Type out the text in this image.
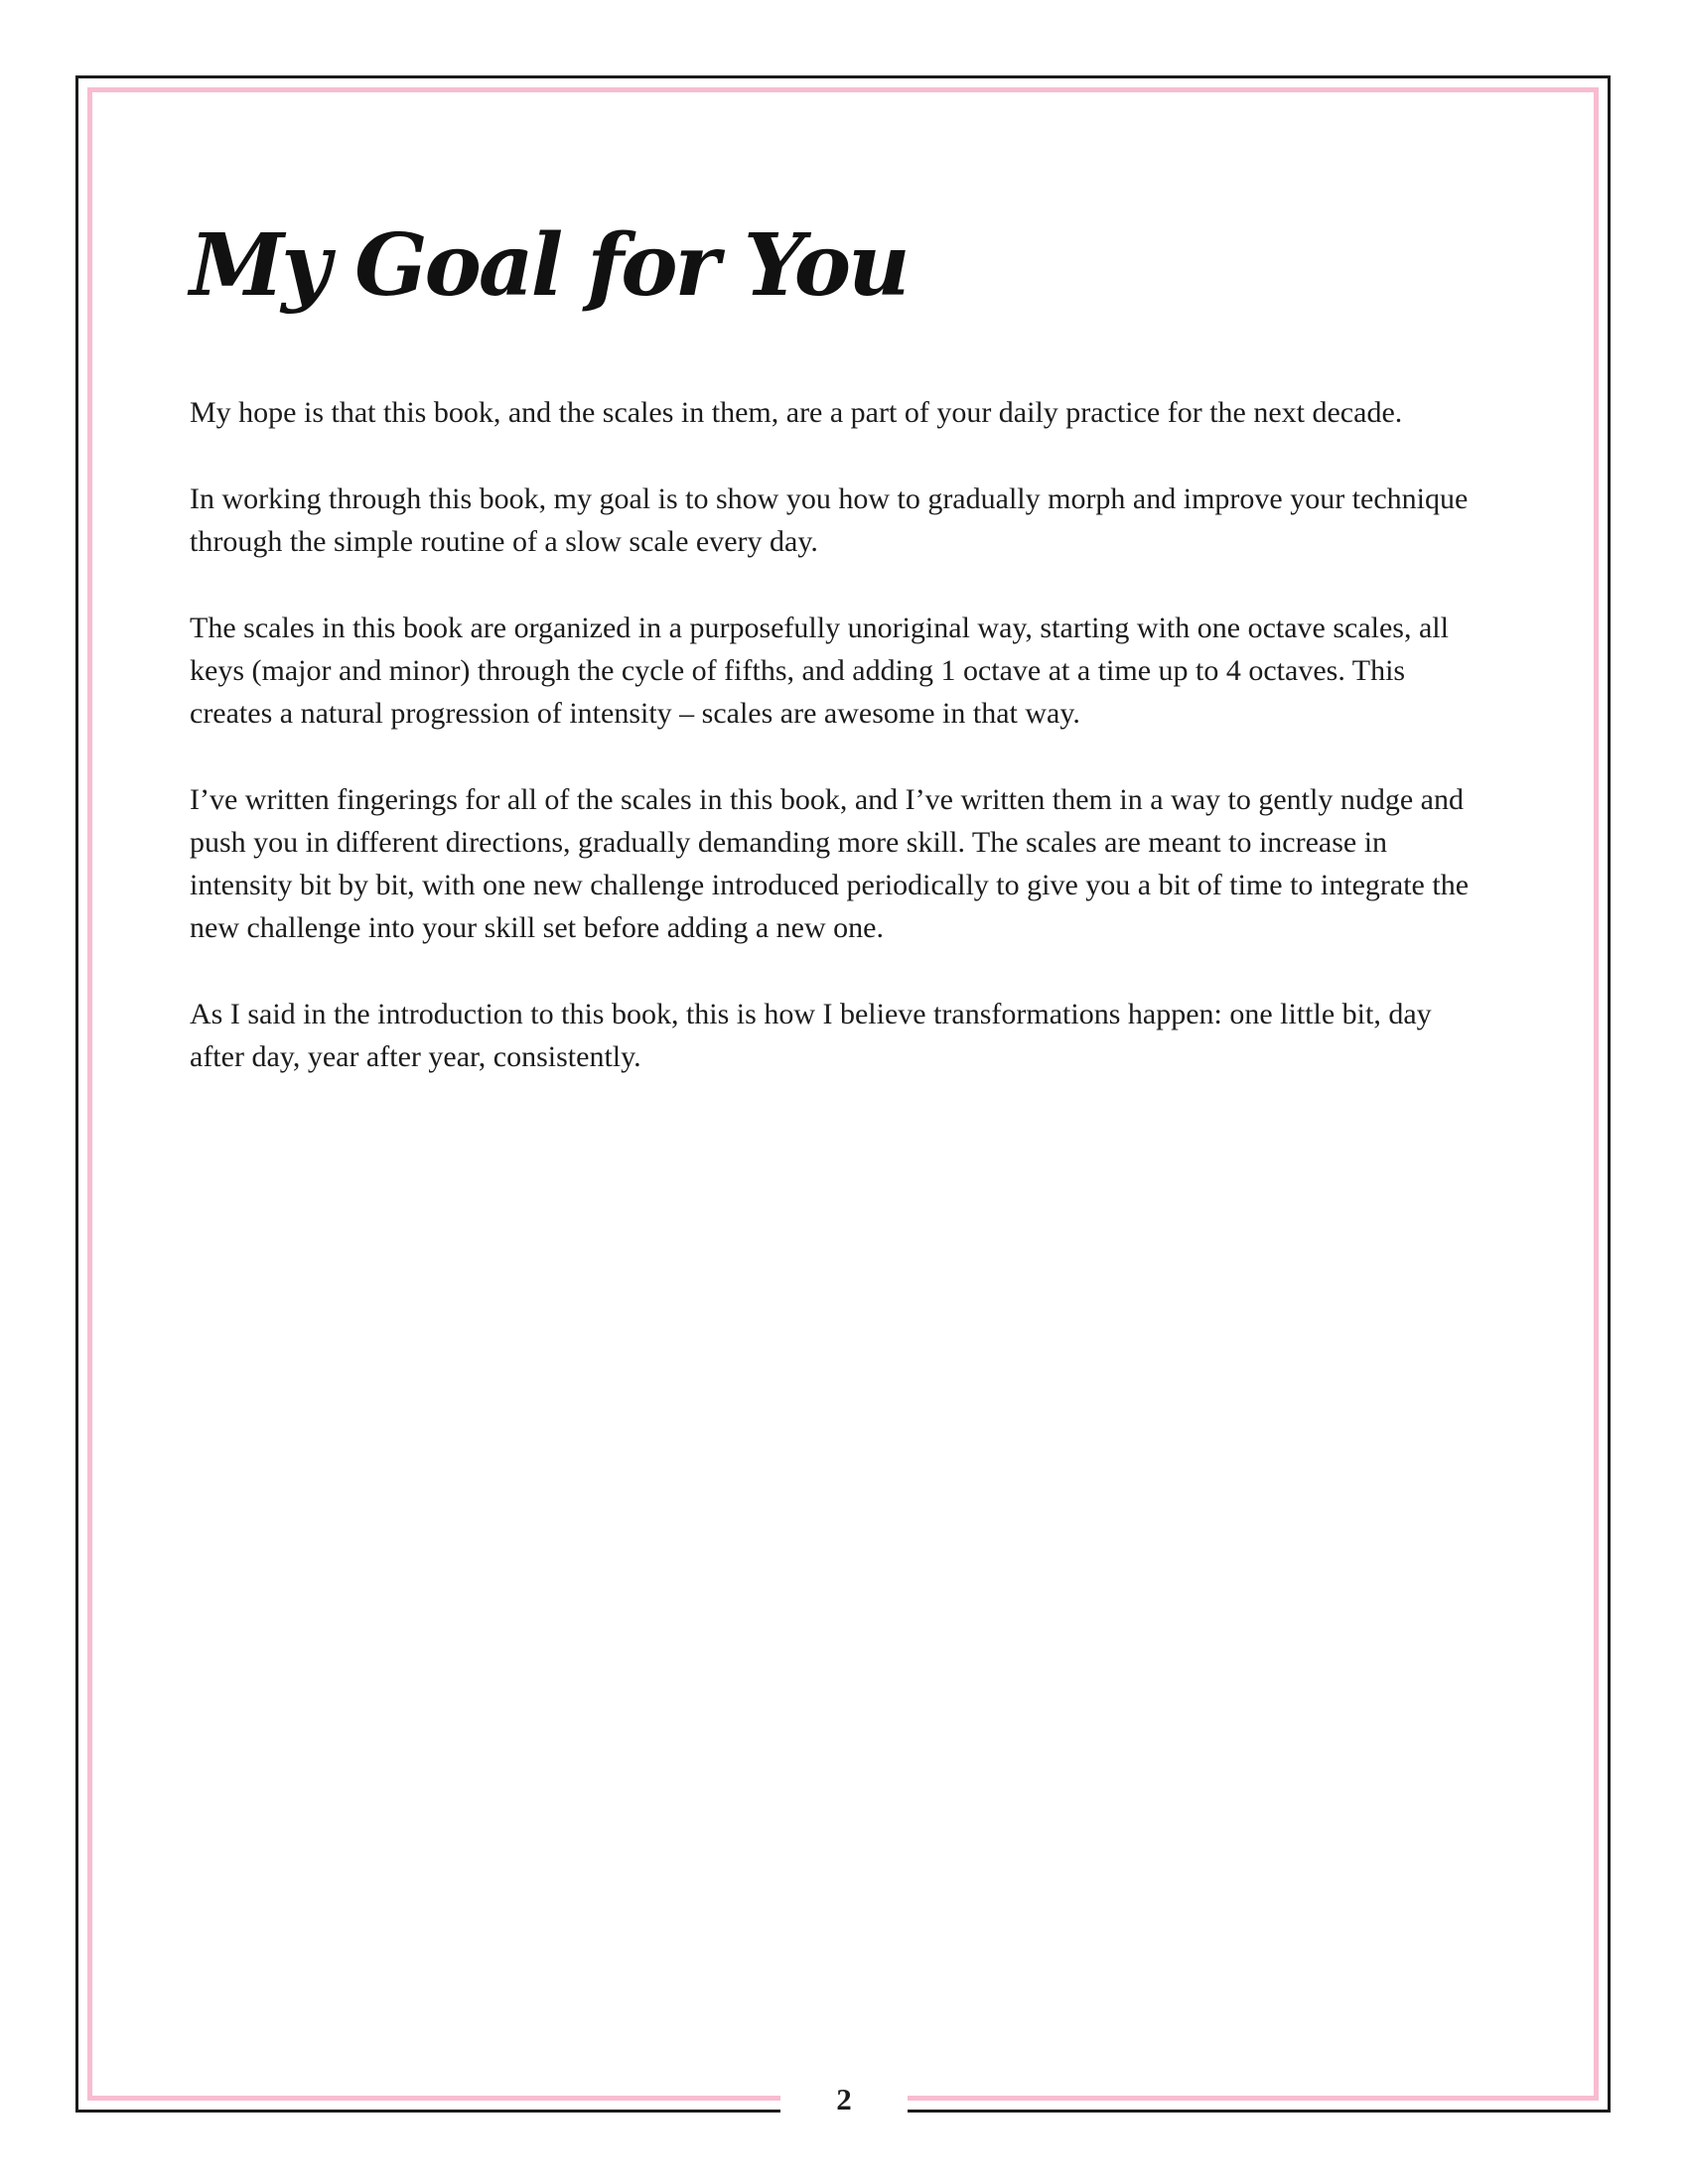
My Goal for You

My hope is that this book, and the scales in them, are a part of your daily practice for the next decade.

In working through this book, my goal is to show you how to gradually morph and improve your technique through the simple routine of a slow scale every day.

The scales in this book are organized in a purposefully unoriginal way, starting with one octave scales, all keys (major and minor) through the cycle of fifths, and adding 1 octave at a time up to 4 octaves. This creates a natural progression of intensity – scales are awesome in that way.

I’ve written fingerings for all of the scales in this book, and I’ve written them in a way to gently nudge and push you in different directions, gradually demanding more skill. The scales are meant to increase in intensity bit by bit, with one new challenge introduced periodically to give you a bit of time to integrate the new challenge into your skill set before adding a new one.

As I said in the introduction to this book, this is how I believe transformations happen: one little bit, day after day, year after year, consistently.

2
